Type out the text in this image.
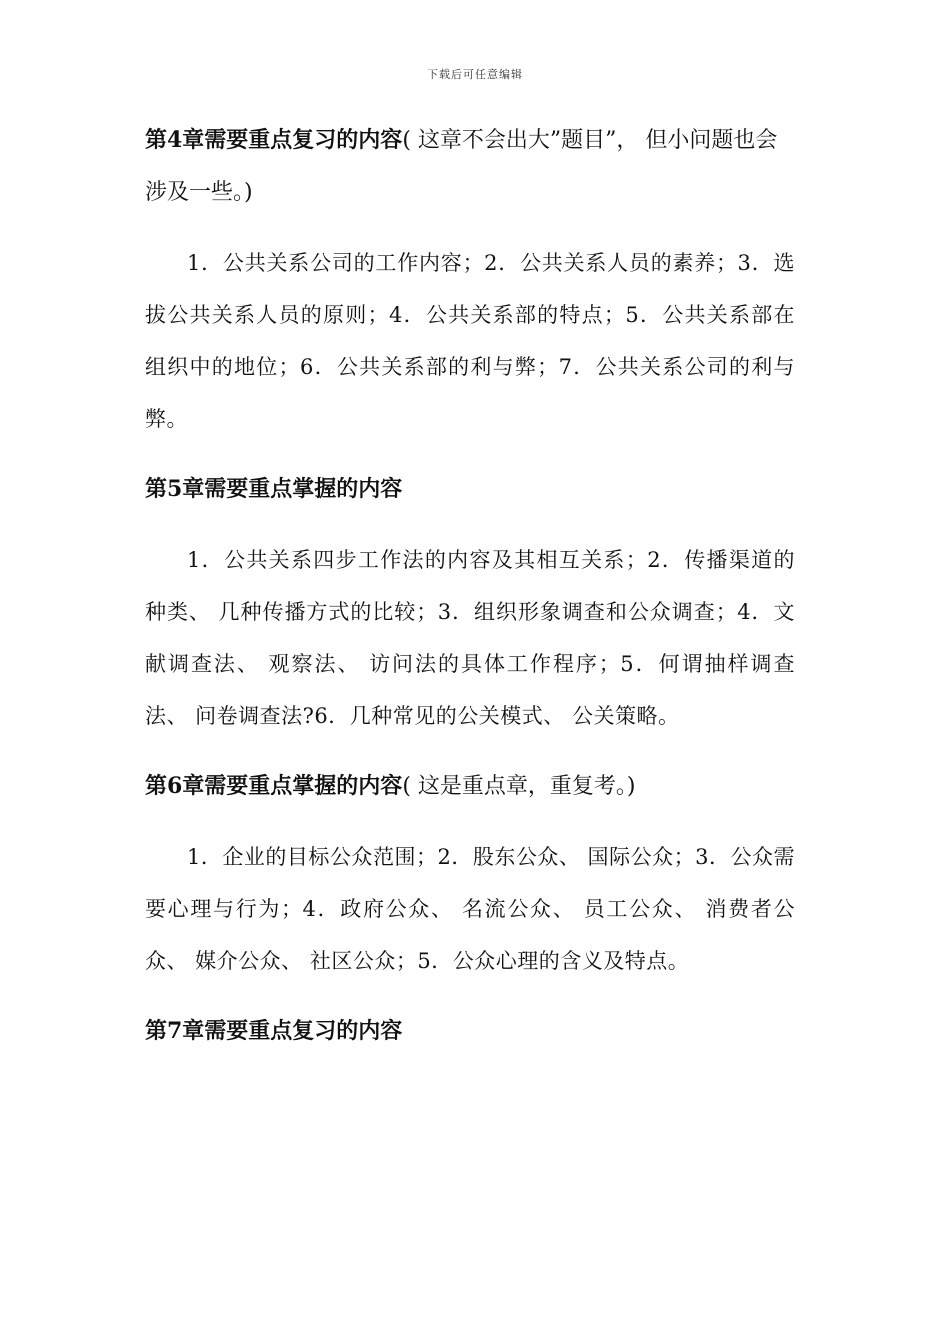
下载后可任意编辑

第4章需要重点复习的内容( 这章不会出大”题目”， 但小问题也会涉及一些。)

1．公共关系公司的工作内容；2．公共关系人员的素养；3．选拔公共关系人员的原则；4．公共关系部的特点；5．公共关系部在组织中的地位；6．公共关系部的利与弊；7．公共关系公司的利与弊。

第5章需要重点掌握的内容

1．公共关系四步工作法的内容及其相互关系；2．传播渠道的种类、 几种传播方式的比较；3．组织形象调查和公众调查；4．文献调查法、 观察法、 访问法的具体工作程序；5．何谓抽样调查法、 问卷调查法?6．几种常见的公关模式、 公关策略。

第6章需要重点掌握的内容( 这是重点章，重复考。)

1．企业的目标公众范围；2．股东公众、 国际公众；3．公众需要心理与行为；4．政府公众、 名流公众、 员工公众、 消费者公众、 媒介公众、 社区公众；5．公众心理的含义及特点。

第7章需要重点复习的内容
